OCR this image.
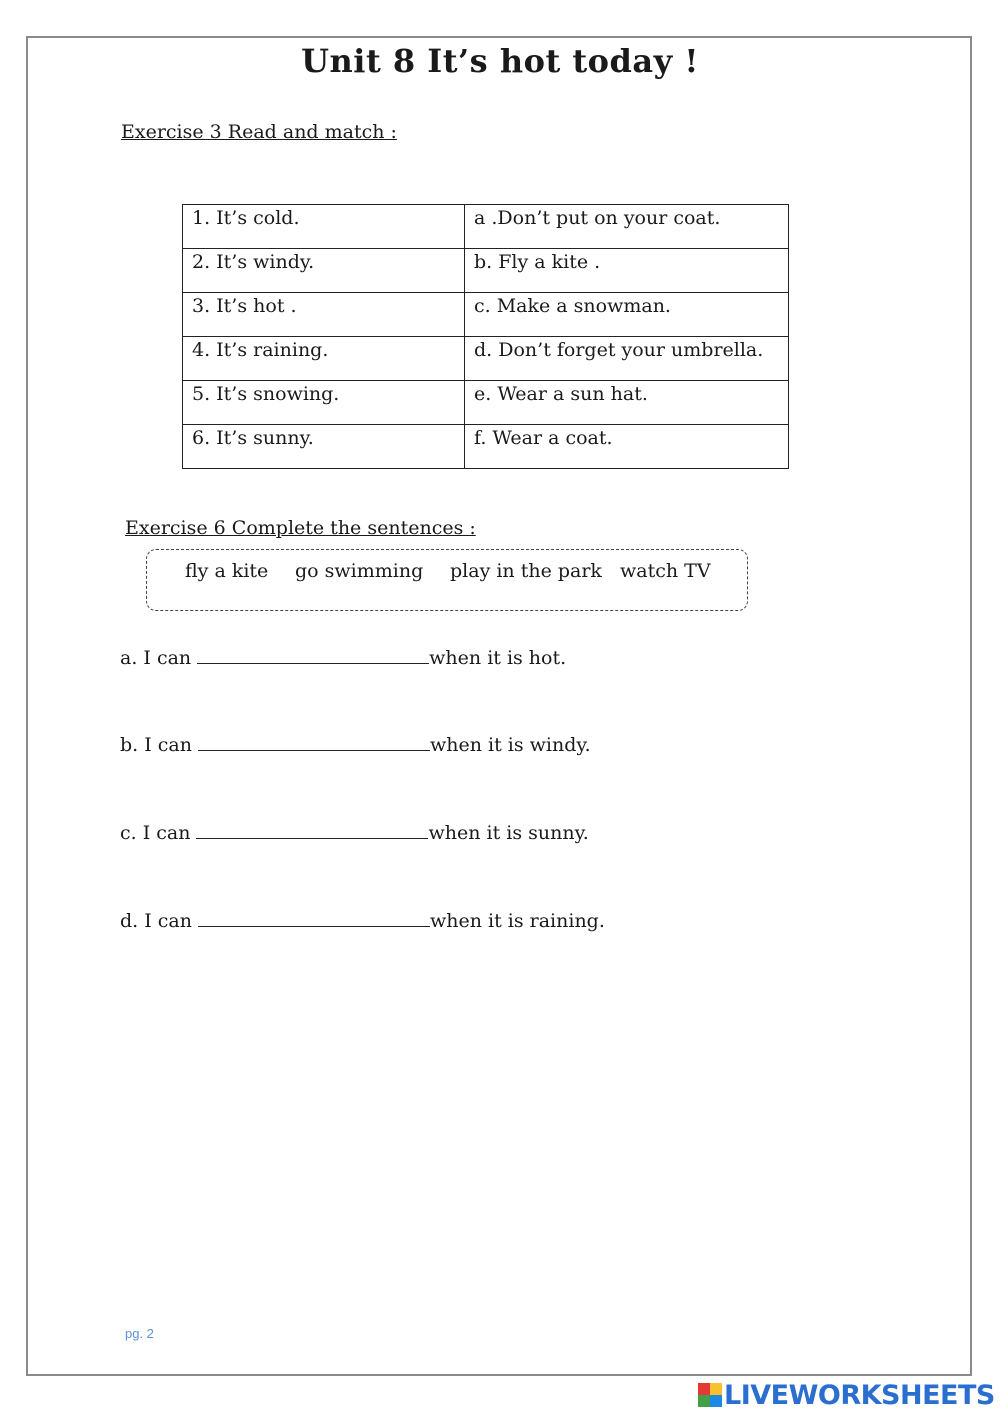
Unit 8 It’s hot today !
Exercise 3 Read and match :
1. It’s cold.	a .Don’t put on your coat.
2. It’s windy.	b. Fly a kite .
3. It’s hot .	c. Make a snowman.
4. It’s raining.	d. Don’t forget your umbrella.
5. It’s snowing.	e. Wear a sun hat.
6. It’s sunny.	f. Wear a coat.
Exercise 6 Complete the sentences :
fly a kite go swimming play in the park watch TV
a. I can	when it is hot.
b. I can	when it is windy.
c. I can	when it is sunny.
d. I can	when it is raining.
pg. 2
LIVEWORKSHEETS
